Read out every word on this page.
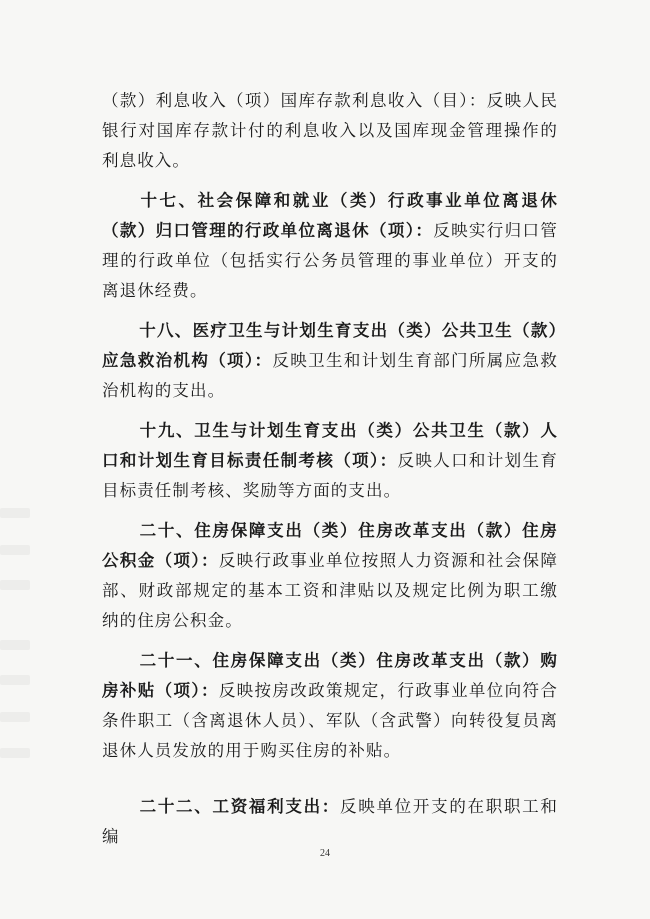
（款）利息收入（项）国库存款利息收入（目）：反映人民银行对国库存款计付的利息收入以及国库现金管理操作的利息收入。

十七、社会保障和就业（类）行政事业单位离退休（款）归口管理的行政单位离退休（项）：反映实行归口管理的行政单位（包括实行公务员管理的事业单位）开支的离退休经费。

十八、医疗卫生与计划生育支出（类）公共卫生（款）应急救治机构（项）：反映卫生和计划生育部门所属应急救治机构的支出。

十九、卫生与计划生育支出（类）公共卫生（款）人口和计划生育目标责任制考核（项）：反映人口和计划生育目标责任制考核、奖励等方面的支出。

二十、住房保障支出（类）住房改革支出（款）住房公积金（项）：反映行政事业单位按照人力资源和社会保障部、财政部规定的基本工资和津贴以及规定比例为职工缴纳的住房公积金。

二十一、住房保障支出（类）住房改革支出（款）购房补贴（项）：反映按房改政策规定，行政事业单位向符合条件职工（含离退休人员）、军队（含武警）向转役复员离退休人员发放的用于购买住房的补贴。

二十二、工资福利支出：反映单位开支的在职职工和编

24
